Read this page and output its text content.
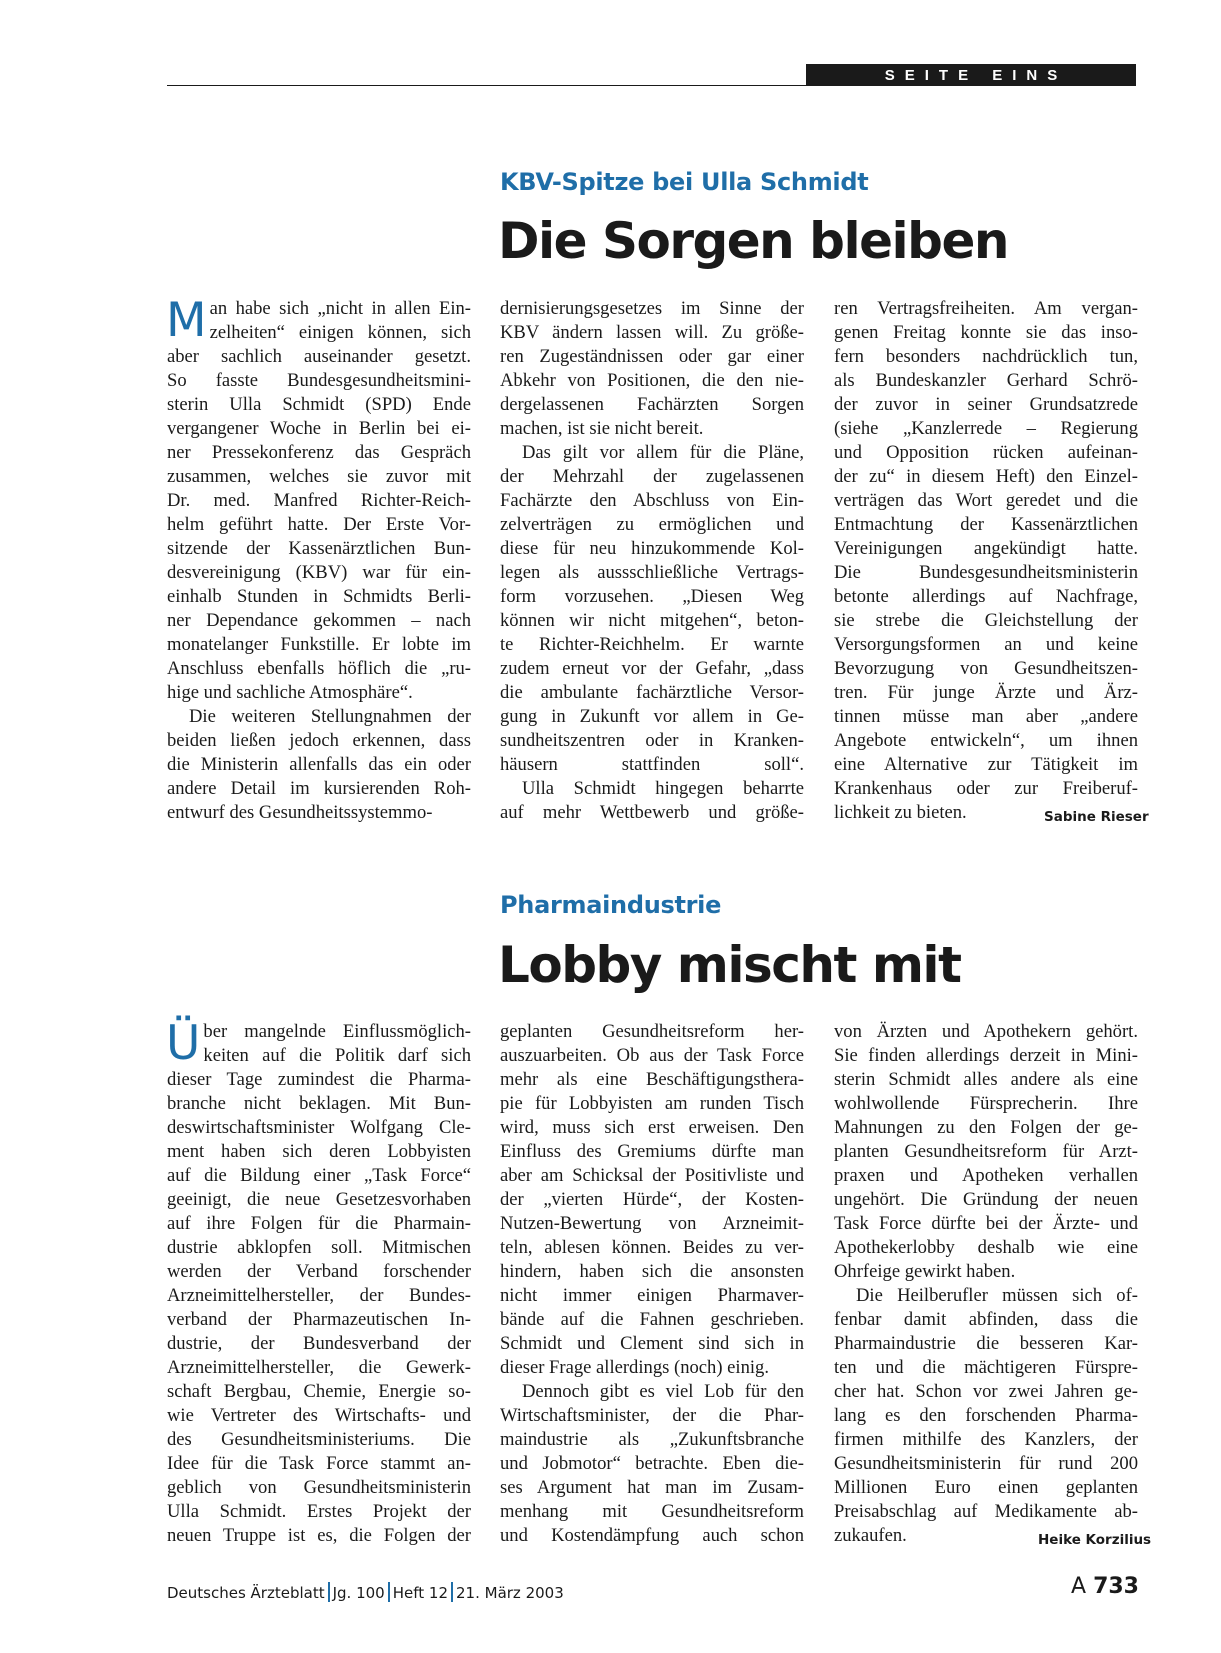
SEITE EINS
KBV-Spitze bei Ulla Schmidt
Die Sorgen bleiben
M an habe sich „nicht in allen Ein-
zelheiten“ einigen können, sich
aber sachlich auseinander gesetzt.
So fasste Bundesgesundheitsmini-
sterin Ulla Schmidt (SPD) Ende
vergangener Woche in Berlin bei ei-
ner Pressekonferenz das Gespräch
zusammen, welches sie zuvor mit
Dr. med. Manfred Richter-Reich-
helm geführt hatte. Der Erste Vor-
sitzende der Kassenärztlichen Bun-
desvereinigung (KBV) war für ein-
einhalb Stunden in Schmidts Berli-
ner Dependance gekommen – nach
monatelanger Funkstille. Er lobte im
Anschluss ebenfalls höflich die „ru-
hige und sachliche Atmosphäre“.
Die weiteren Stellungnahmen der
beiden ließen jedoch erkennen, dass
die Ministerin allenfalls das ein oder
andere Detail im kursierenden Roh-
entwurf des Gesundheitssystemmo-
dernisierungsgesetzes im Sinne der
KBV ändern lassen will. Zu größe-
ren Zugeständnissen oder gar einer
Abkehr von Positionen, die den nie-
dergelassenen Fachärzten Sorgen
machen, ist sie nicht bereit.
Das gilt vor allem für die Pläne,
der Mehrzahl der zugelassenen
Fachärzte den Abschluss von Ein-
zelverträgen zu ermöglichen und
diese für neu hinzukommende Kol-
legen als aussschließliche Vertrags-
form vorzusehen. „Diesen Weg
können wir nicht mitgehen“, beton-
te Richter-Reichhelm. Er warnte
zudem erneut vor der Gefahr, „dass
die ambulante fachärztliche Versor-
gung in Zukunft vor allem in Ge-
sundheitszentren oder in Kranken-
häusern stattfinden soll“.
Ulla Schmidt hingegen beharrte
auf mehr Wettbewerb und größe-
ren Vertragsfreiheiten. Am vergan-
genen Freitag konnte sie das inso-
fern besonders nachdrücklich tun,
als Bundeskanzler Gerhard Schrö-
der zuvor in seiner Grundsatzrede
(siehe „Kanzlerrede – Regierung
und Opposition rücken aufeinan-
der zu“ in diesem Heft) den Einzel-
verträgen das Wort geredet und die
Entmachtung der Kassenärztlichen
Vereinigungen angekündigt hatte.
Die Bundesgesundheitsministerin
betonte allerdings auf Nachfrage,
sie strebe die Gleichstellung der
Versorgungsformen an und keine
Bevorzugung von Gesundheitszen-
tren. Für junge Ärzte und Ärz-
tinnen müsse man aber „andere
Angebote entwickeln“, um ihnen
eine Alternative zur Tätigkeit im
Krankenhaus oder zur Freiberuf-
lichkeit zu bieten.	Sabine Rieser
Pharmaindustrie
Lobby mischt mit
Ü ber mangelnde Einflussmöglich-
keiten auf die Politik darf sich
dieser Tage zumindest die Pharma-
branche nicht beklagen. Mit Bun-
deswirtschaftsminister Wolfgang Cle-
ment haben sich deren Lobbyisten
auf die Bildung einer „Task Force“
geeinigt, die neue Gesetzesvorhaben
auf ihre Folgen für die Pharmain-
dustrie abklopfen soll. Mitmischen
werden der Verband forschender
Arzneimittelhersteller, der Bundes-
verband der Pharmazeutischen In-
dustrie, der Bundesverband der
Arzneimittelhersteller, die Gewerk-
schaft Bergbau, Chemie, Energie so-
wie Vertreter des Wirtschafts- und
des Gesundheitsministeriums. Die
Idee für die Task Force stammt an-
geblich von Gesundheitsministerin
Ulla Schmidt. Erstes Projekt der
neuen Truppe ist es, die Folgen der
geplanten Gesundheitsreform her-
auszuarbeiten. Ob aus der Task Force
mehr als eine Beschäftigungsthera-
pie für Lobbyisten am runden Tisch
wird, muss sich erst erweisen. Den
Einfluss des Gremiums dürfte man
aber am Schicksal der Positivliste und
der „vierten Hürde“, der Kosten-
Nutzen-Bewertung von Arzneimit-
teln, ablesen können. Beides zu ver-
hindern, haben sich die ansonsten
nicht immer einigen Pharmaver-
bände auf die Fahnen geschrieben.
Schmidt und Clement sind sich in
dieser Frage allerdings (noch) einig.
Dennoch gibt es viel Lob für den
Wirtschaftsminister, der die Phar-
maindustrie als „Zukunftsbranche
und Jobmotor“ betrachte. Eben die-
ses Argument hat man im Zusam-
menhang mit Gesundheitsreform
und Kostendämpfung auch schon
von Ärzten und Apothekern gehört.
Sie finden allerdings derzeit in Mini-
sterin Schmidt alles andere als eine
wohlwollende Fürsprecherin. Ihre
Mahnungen zu den Folgen der ge-
planten Gesundheitsreform für Arzt-
praxen und Apotheken verhallen
ungehört. Die Gründung der neuen
Task Force dürfte bei der Ärzte- und
Apothekerlobby deshalb wie eine
Ohrfeige gewirkt haben.
Die Heilberufler müssen sich of-
fenbar damit abfinden, dass die
Pharmaindustrie die besseren Kar-
ten und die mächtigeren Fürspre-
cher hat. Schon vor zwei Jahren ge-
lang es den forschenden Pharma-
firmen mithilfe des Kanzlers, der
Gesundheitsministerin für rund 200
Millionen Euro einen geplanten
Preisabschlag auf Medikamente ab-
zukaufen.	Heike Korzilius
Deutsches Ärzteblatt Jg. 100 Heft 12 21. März 2003	A 733
